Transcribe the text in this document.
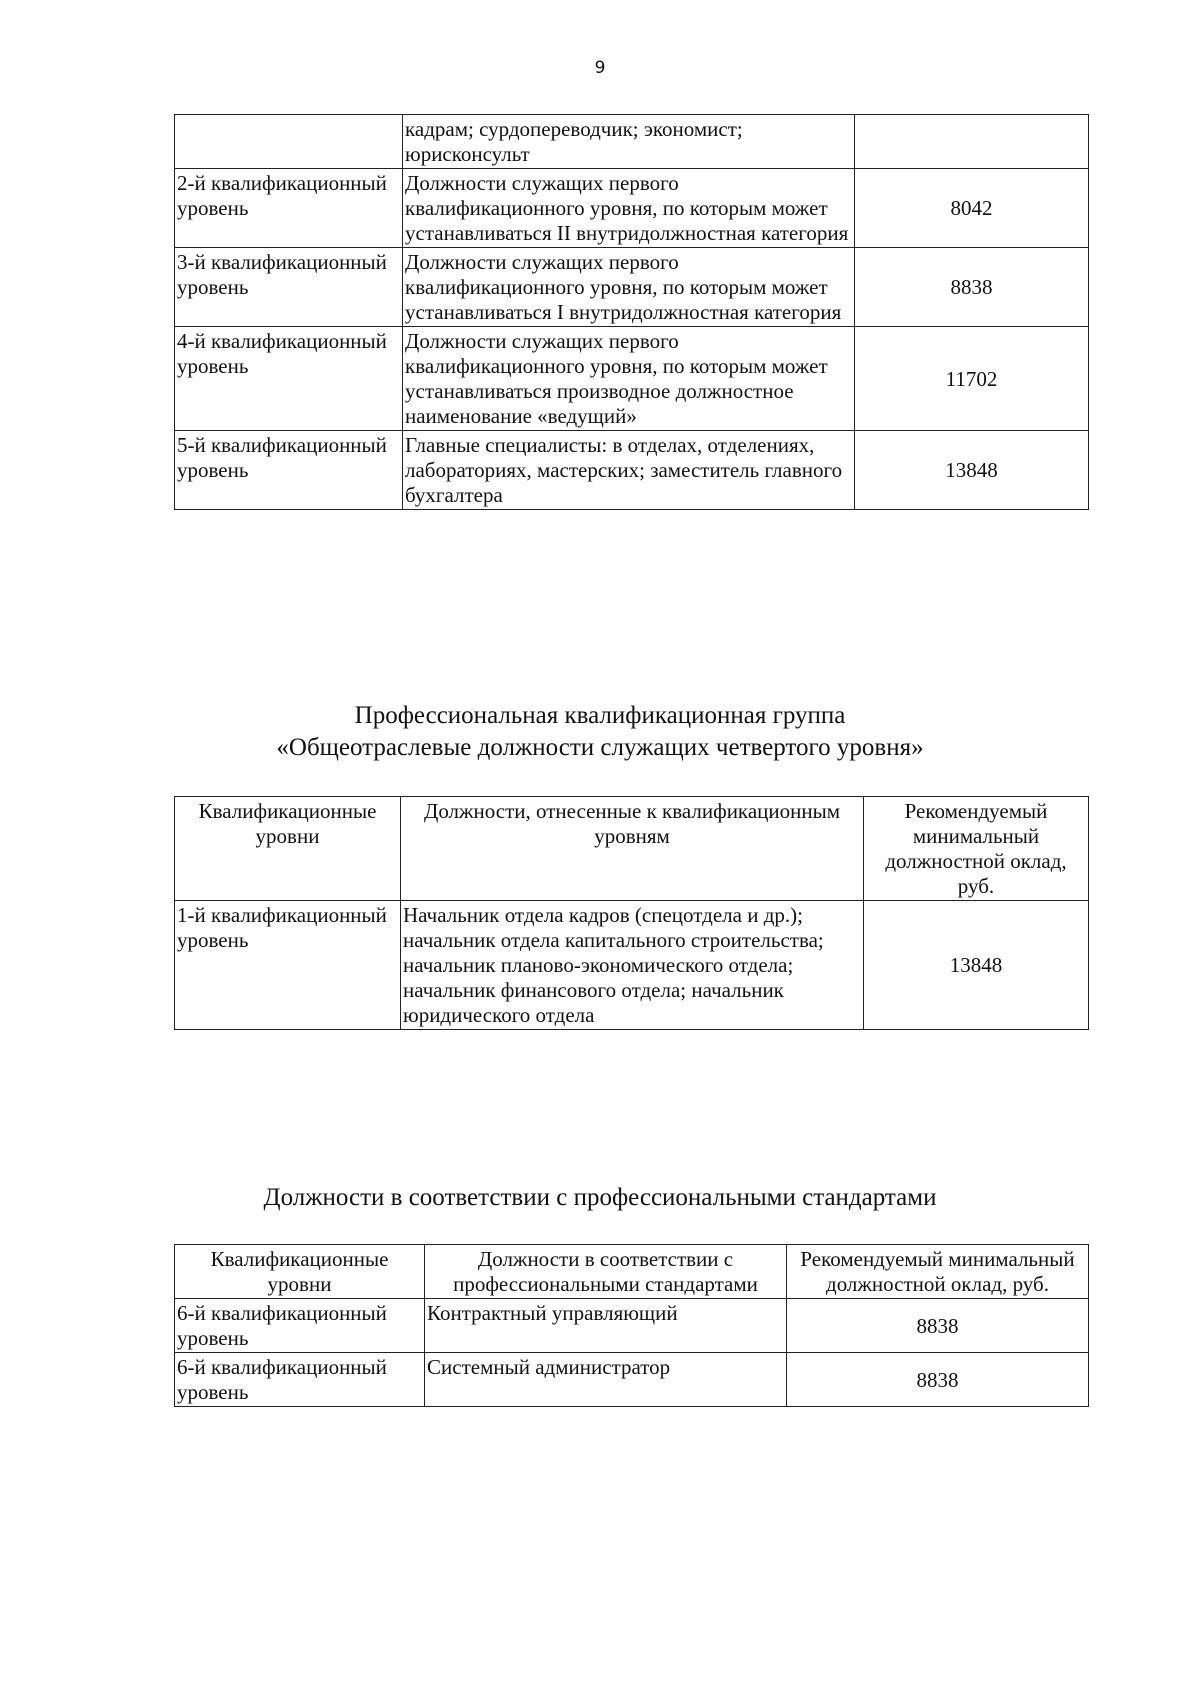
9
	кадрам; сурдопереводчик; экономист; юрисконсульт	
2-й квалификационный уровень	Должности служащих первого квалификационного уровня, по которым может устанавливаться II внутридолжностная категория	8042
3-й квалификационный уровень	Должности служащих первого квалификационного уровня, по которым может устанавливаться I внутридолжностная категория	8838
4-й квалификационный уровень	Должности служащих первого квалификационного уровня, по которым может устанавливаться производное должностное наименование «ведущий»	11702
5-й квалификационный уровень	Главные специалисты: в отделах, отделениях, лабораториях, мастерских; заместитель главного бухгалтера	13848
Профессиональная квалификационная группа
«Общеотраслевые должности служащих четвертого уровня»
Квалификационные уровни	Должности, отнесенные к квалификационным уровням	Рекомендуемый минимальный должностной оклад, руб.
1-й квалификационный уровень	Начальник отдела кадров (спецотдела и др.); начальник отдела капитального строительства; начальник планово-экономического отдела; начальник финансового отдела; начальник юридического отдела	13848
Должности в соответствии с профессиональными стандартами
Квалификационные уровни	Должности в соответствии с профессиональными стандартами	Рекомендуемый минимальный должностной оклад, руб.
6-й квалификационный уровень	Контрактный управляющий	8838
6-й квалификационный уровень	Системный администратор	8838
